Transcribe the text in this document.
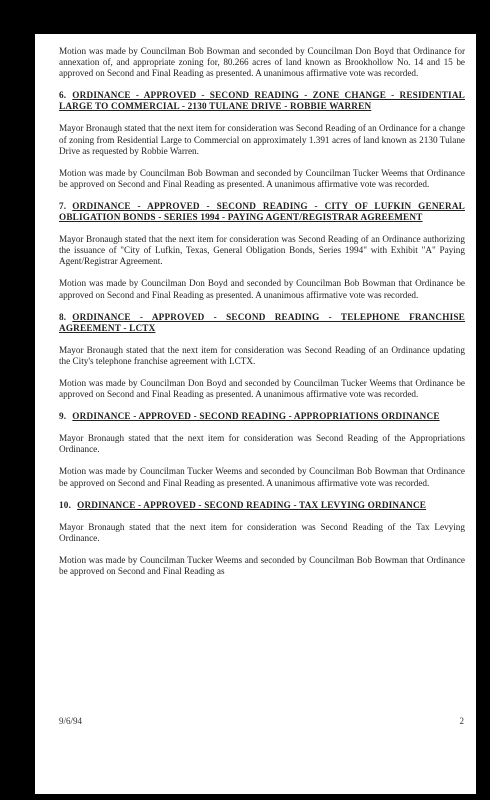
Motion was made by Councilman Bob Bowman and seconded by Councilman Don Boyd that Ordinance for annexation of, and appropriate zoning for, 80.266 acres of land known as Brookhollow No. 14 and 15 be approved on Second and Final Reading as presented. A unanimous affirmative vote was recorded.

6. ORDINANCE - APPROVED - SECOND READING - ZONE CHANGE - RESIDENTIAL LARGE TO COMMERCIAL - 2130 TULANE DRIVE - ROBBIE WARREN

Mayor Bronaugh stated that the next item for consideration was Second Reading of an Ordinance for a change of zoning from Residential Large to Commercial on approximately 1.391 acres of land known as 2130 Tulane Drive as requested by Robbie Warren.

Motion was made by Councilman Bob Bowman and seconded by Councilman Tucker Weems that Ordinance be approved on Second and Final Reading as presented. A unanimous affirmative vote was recorded.

7. ORDINANCE - APPROVED - SECOND READING - CITY OF LUFKIN GENERAL OBLIGATION BONDS - SERIES 1994 - PAYING AGENT/REGISTRAR AGREEMENT

Mayor Bronaugh stated that the next item for consideration was Second Reading of an Ordinance authorizing the issuance of "City of Lufkin, Texas, General Obligation Bonds, Series 1994" with Exhibit "A" Paying Agent/Registrar Agreement.

Motion was made by Councilman Don Boyd and seconded by Councilman Bob Bowman that Ordinance be approved on Second and Final Reading as presented. A unanimous affirmative vote was recorded.

8. ORDINANCE - APPROVED - SECOND READING - TELEPHONE FRANCHISE AGREEMENT - LCTX

Mayor Bronaugh stated that the next item for consideration was Second Reading of an Ordinance updating the City's telephone franchise agreement with LCTX.

Motion was made by Councilman Don Boyd and seconded by Councilman Tucker Weems that Ordinance be approved on Second and Final Reading as presented. A unanimous affirmative vote was recorded.

9. ORDINANCE - APPROVED - SECOND READING - APPROPRIATIONS ORDINANCE

Mayor Bronaugh stated that the next item for consideration was Second Reading of the Appropriations Ordinance.

Motion was made by Councilman Tucker Weems and seconded by Councilman Bob Bowman that Ordinance be approved on Second and Final Reading as presented. A unanimous affirmative vote was recorded.

10. ORDINANCE - APPROVED - SECOND READING - TAX LEVYING ORDINANCE

Mayor Bronaugh stated that the next item for consideration was Second Reading of the Tax Levying Ordinance.

Motion was made by Councilman Tucker Weems and seconded by Councilman Bob Bowman that Ordinance be approved on Second and Final Reading as

9/6/94	2
